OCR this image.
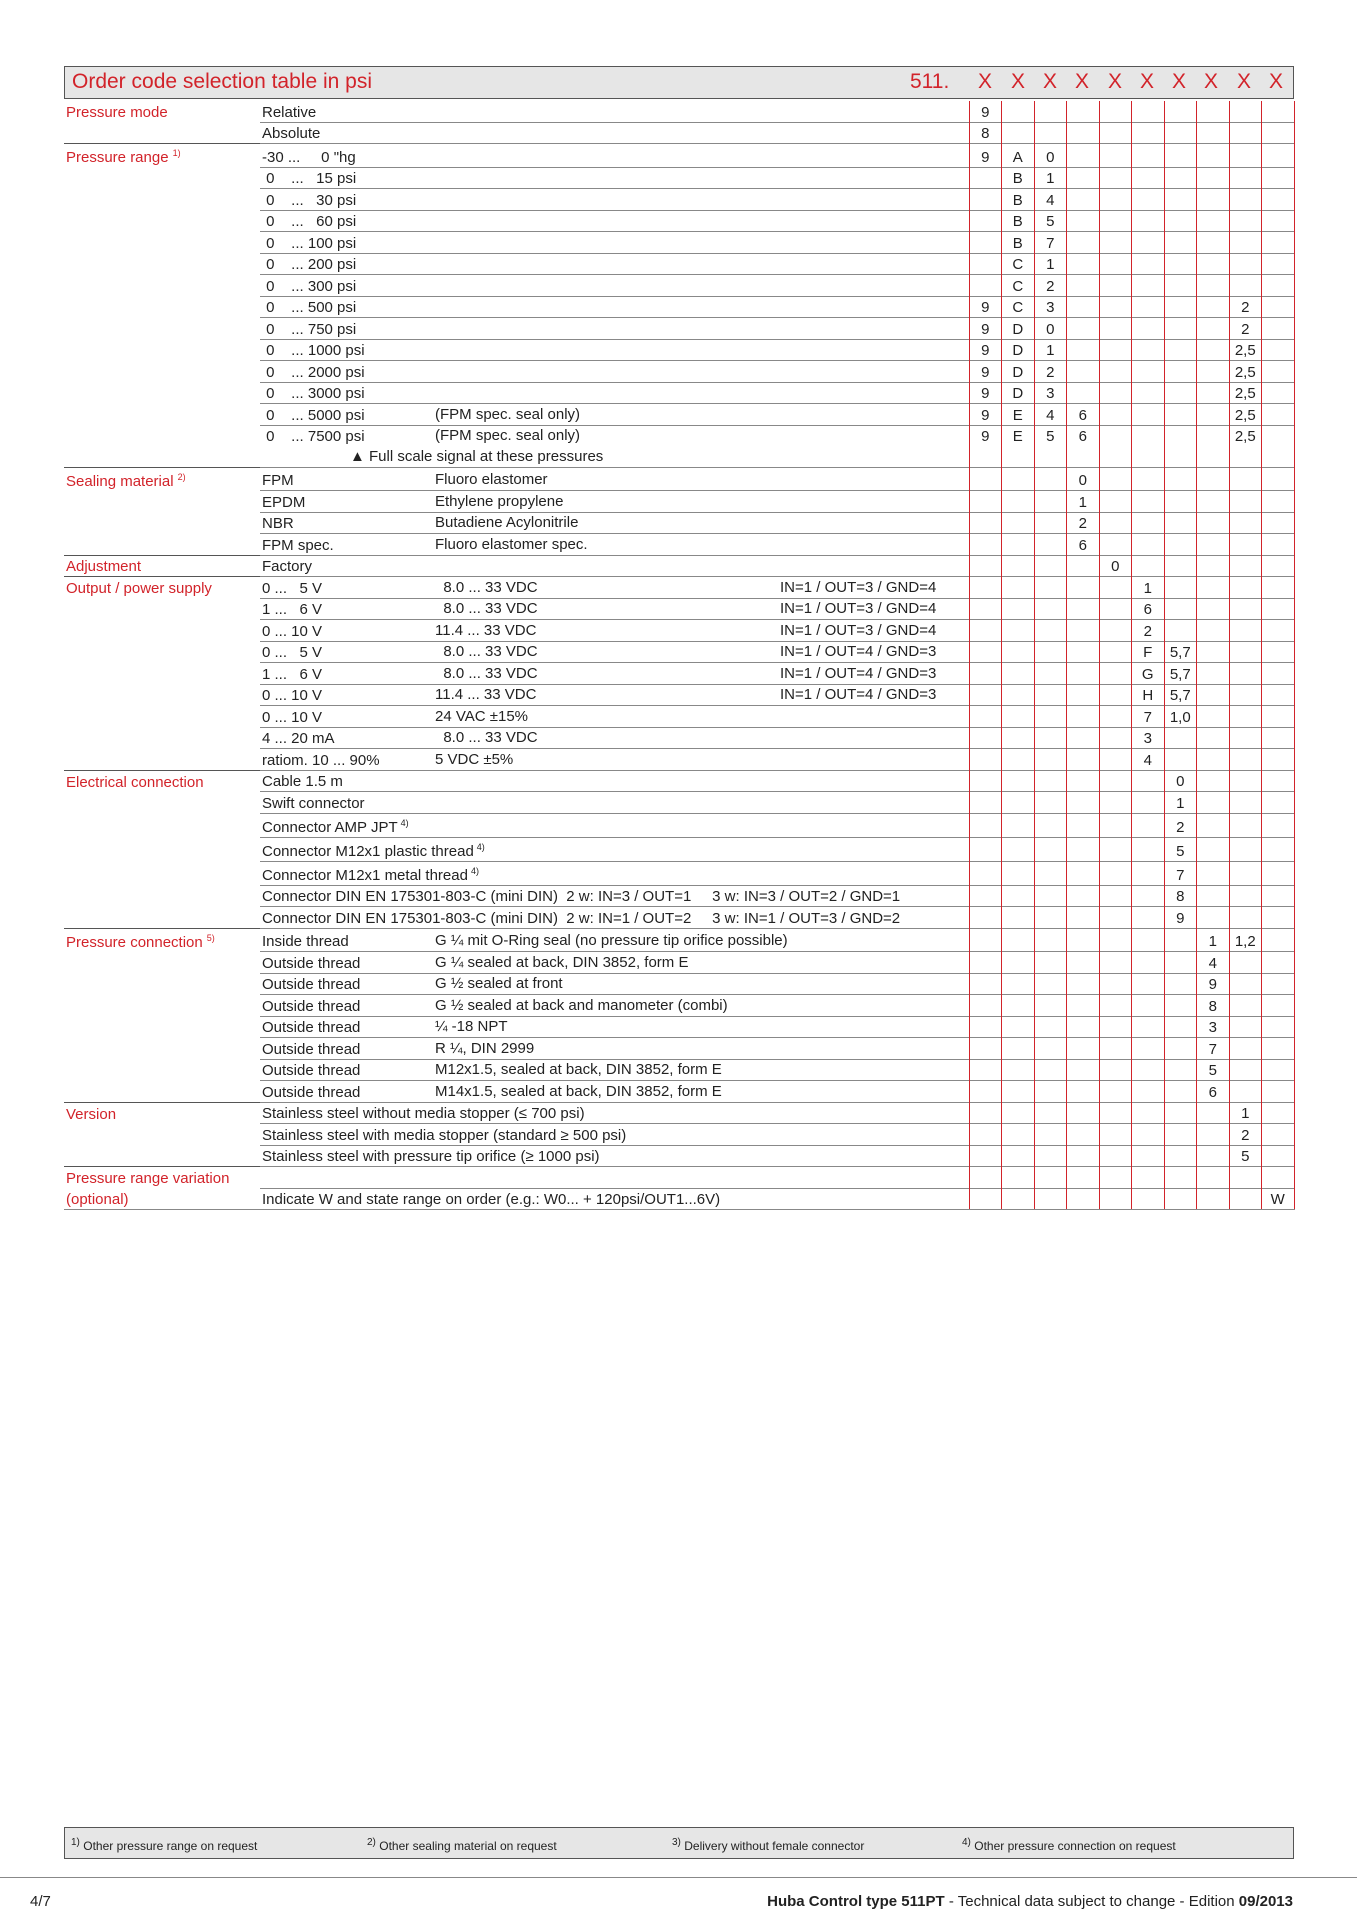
Order code selection table in psi	511. X X X X X X X X X X
Pressure mode	Relative	9									
	Absolute	8									
Pressure range $^{1)}$	-30 ...     0 "hg	9	A	0							
	0    ...   15 psi		B	1							
	0    ...   30 psi		B	4							
	0    ...   60 psi		B	5							
	0    ... 100 psi		B	7							
	0    ... 200 psi		C	1							
	0    ... 300 psi		C	2							
	0    ... 500 psi	9	C	3						2	
	0    ... 750 psi	9	D	0						2	
	0    ... 1000 psi	9	D	1						2,5	
	0    ... 2000 psi	9	D	2						2,5	
	0    ... 3000 psi	9	D	3						2,5	
	0    ... 5000 psi (FPM spec. seal only)	9	E	4	6					2,5	
	0    ... 7500 psi (FPM spec. seal only)	9	E	5	6					2,5	

	▲ Full scale signal at these pressures										

Sealing material $^{2)}$	FPM Fluoro elastomer				0						
	EPDM Ethylene propylene				1						
	NBR Butadiene Acylonitrile				2						
	FPM spec. Fluoro elastomer spec.				6						
Adjustment	Factory					0					
Output / power supply	0 ...   5 V 8.0 ... 33 VDC IN=1 / OUT=3 / GND=4						1				
	1 ...   6 V 8.0 ... 33 VDC IN=1 / OUT=3 / GND=4						6				
	0 ... 10 V 11.4 ... 33 VDC IN=1 / OUT=3 / GND=4						2				
	0 ...   5 V 8.0 ... 33 VDC IN=1 / OUT=4 / GND=3						F	5,7			
	1 ...   6 V 8.0 ... 33 VDC IN=1 / OUT=4 / GND=3						G	5,7			
	0 ... 10 V 11.4 ... 33 VDC IN=1 / OUT=4 / GND=3						H	5,7			
	0 ... 10 V 24 VAC ±15%						7	1,0			
	4 ... 20 mA 8.0 ... 33 VDC						3				
	ratiom. 10 ... 90% 5 VDC ±5%						4				
Electrical connection	Cable 1.5 m							0			
	Swift connector							1			
	Connector AMP JPT $^{4)}$							2			
	Connector M12x1 plastic thread $^{4)}$							5			
	Connector M12x1 metal thread $^{4)}$							7			
	Connector DIN EN 175301-803-C (mini DIN)  2 w: IN=3 / OUT=1     3 w: IN=3 / OUT=2 / GND=1							8			
	Connector DIN EN 175301-803-C (mini DIN)  2 w: IN=1 / OUT=2     3 w: IN=1 / OUT=3 / GND=2							9			
Pressure connection $^{5)}$	Inside thread G ¼ mit O-Ring seal (no pressure tip orifice possible)								1	1,2	
	Outside thread G ¼ sealed at back, DIN 3852, form E								4		
	Outside thread G ½ sealed at front								9		
	Outside thread G ½ sealed at back and manometer (combi)								8		
	Outside thread ¼ -18 NPT								3		
	Outside thread R ¼, DIN 2999								7		
	Outside thread M12x1.5, sealed at back, DIN 3852, form E								5		
	Outside thread M14x1.5, sealed at back, DIN 3852, form E								6		
Version	Stainless steel without media stopper (≤ 700 psi)									1	
	Stainless steel with media stopper (standard ≥ 500 psi)									2	
	Stainless steel with pressure tip orifice (≥ 1000 psi)									5	
Pressure range variation											
(optional)	Indicate W and state range on order (e.g.: W0... + 120psi/OUT1...6V)										W
$^{1)}$ Other pressure range on request	$^{2)}$ Other sealing material on request	$^{3)}$ Delivery without female connector	$^{4)}$ Other pressure connection on request
4/7	Huba Control type 511PT - Technical data subject to change - Edition 09/2013
